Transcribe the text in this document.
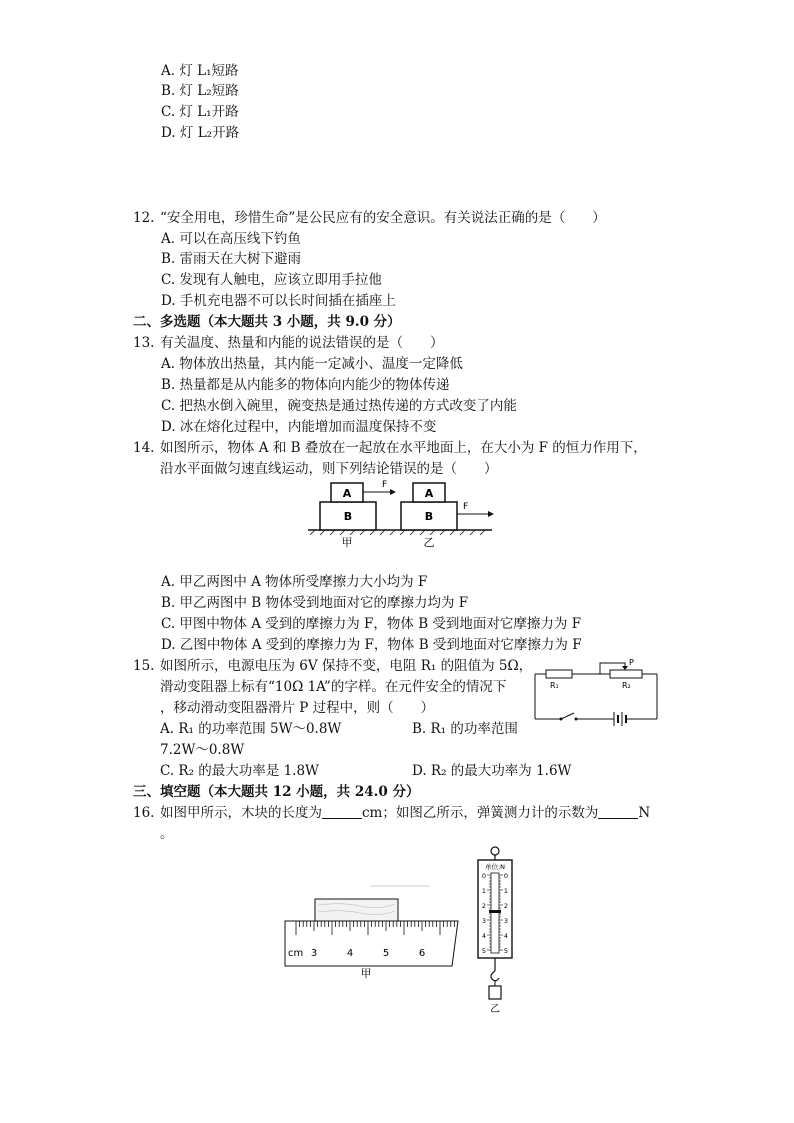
A. 灯 L₁短路
B. 灯 L₂短路
C. 灯 L₁开路
D. 灯 L₂开路
12. “安全用电，珍惜生命”是公民应有的安全意识。有关说法正确的是（　　）
A. 可以在高压线下钓鱼
B. 雷雨天在大树下避雨
C. 发现有人触电，应该立即用手拉他
D. 手机充电器不可以长时间插在插座上
二、多选题（本大题共 3 小题，共 9.0 分）
13. 有关温度、热量和内能的说法错误的是（　　）
A. 物体放出热量，其内能一定减小、温度一定降低
B. 热量都是从内能多的物体向内能少的物体传递
C. 把热水倒入碗里，碗变热是通过热传递的方式改变了内能
D. 冰在熔化过程中，内能增加而温度保持不变
14. 如图所示，物体 A 和 B 叠放在一起放在水平地面上，在大小为 F 的恒力作用下，
沿水平面做匀速直线运动，则下列结论错误的是（　　）
A
B
F
甲
A
B
F
乙
A. 甲乙两图中 A 物体所受摩擦力大小均为 F
B. 甲乙两图中 B 物体受到地面对它的摩擦力均为 F
C. 甲图中物体 A 受到的摩擦力为 F，物体 B 受到地面对它摩擦力为 F
D. 乙图中物体 A 受到的摩擦力为 F，物体 B 受到地面对它摩擦力为 F
15. 如图所示，电源电压为 6V 保持不变，电阻 R₁ 的阻值为 5Ω，
滑动变阻器上标有“10Ω 1A”的字样。在元件安全的情况下
，移动滑动变阻器滑片 P 过程中，则（　　）
P
R₁	R₂
A. R₁ 的功率范围 5W～0.8W	B. R₁ 的功率范围
7.2W～0.8W
C. R₂ 的最大功率是 1.8W	D. R₂ 的最大功率为 1.6W
三、填空题（本大题共 12 小题，共 24.0 分）
16. 如图甲所示，木块的长度为	cm；如图乙所示，弹簧测力计的示数为	N
。
cm 3	4	5	6
甲
单位:N
0
1
2
3
4
5
0
1
2
3
4
5
乙
